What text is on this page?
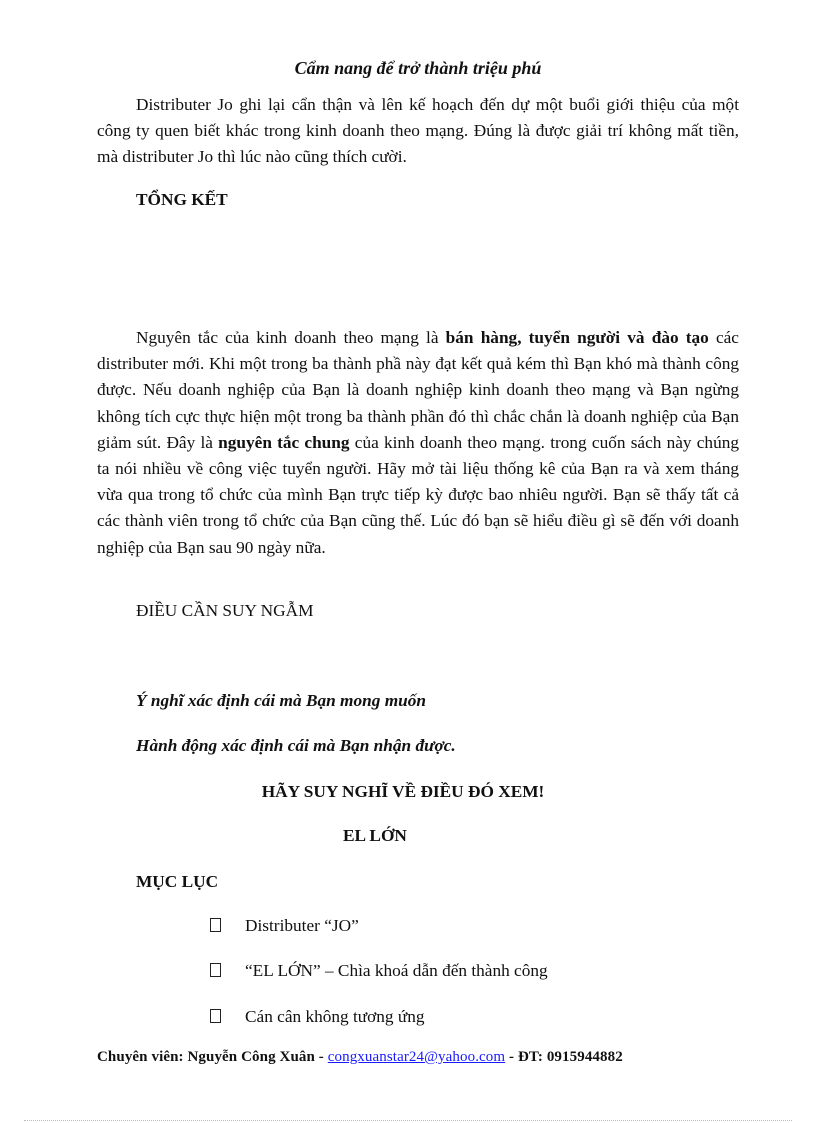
Cẩm nang để trở thành triệu phú

Distributer Jo ghi lại cẩn thận và lên kế hoạch đến dự một buổi giới thiệu của một công ty quen biết khác trong kinh doanh theo mạng. Đúng là được giải trí không mất tiền, mà distributer Jo thì lúc nào cũng thích cười.

TỔNG KẾT

Nguyên tắc của kinh doanh theo mạng là bán hàng, tuyển người và đào tạo các distributer mới. Khi một trong ba thành phầ này đạt kết quả kém thì Bạn khó mà thành công được. Nếu doanh nghiệp của Bạn là doanh nghiệp kinh doanh theo mạng và Bạn ngừng không tích cực thực hiện một trong ba thành phần đó thì chắc chắn là doanh nghiệp của Bạn giảm sút. Đây là nguyên tắc chung của kinh doanh theo mạng. trong cuốn sách này chúng ta nói nhiều về công việc tuyển người. Hãy mở tài liệu thống kê của Bạn ra và xem tháng vừa qua trong tổ chức của mình Bạn trực tiếp kỳ được bao nhiêu người. Bạn sẽ thấy tất cả các thành viên trong tổ chức của Bạn cũng thế. Lúc đó bạn sẽ hiểu điều gì sẽ đến với doanh nghiệp của Bạn sau 90 ngày nữa.

ĐIỀU CẦN SUY NGẪM

Ý nghĩ xác định cái mà Bạn mong muốn

Hành động xác định cái mà Bạn nhận được.

HÃY SUY NGHĨ VỀ ĐIỀU ĐÓ XEM!

EL LỚN

MỤC LỤC

Distributer “JO”
“EL LỚN” – Chìa khoá dẫn đến thành công
Cán cân không tương ứng
Chuyên viên: Nguyễn Công Xuân - congxuanstar24@yahoo.com - ĐT: 0915944882
